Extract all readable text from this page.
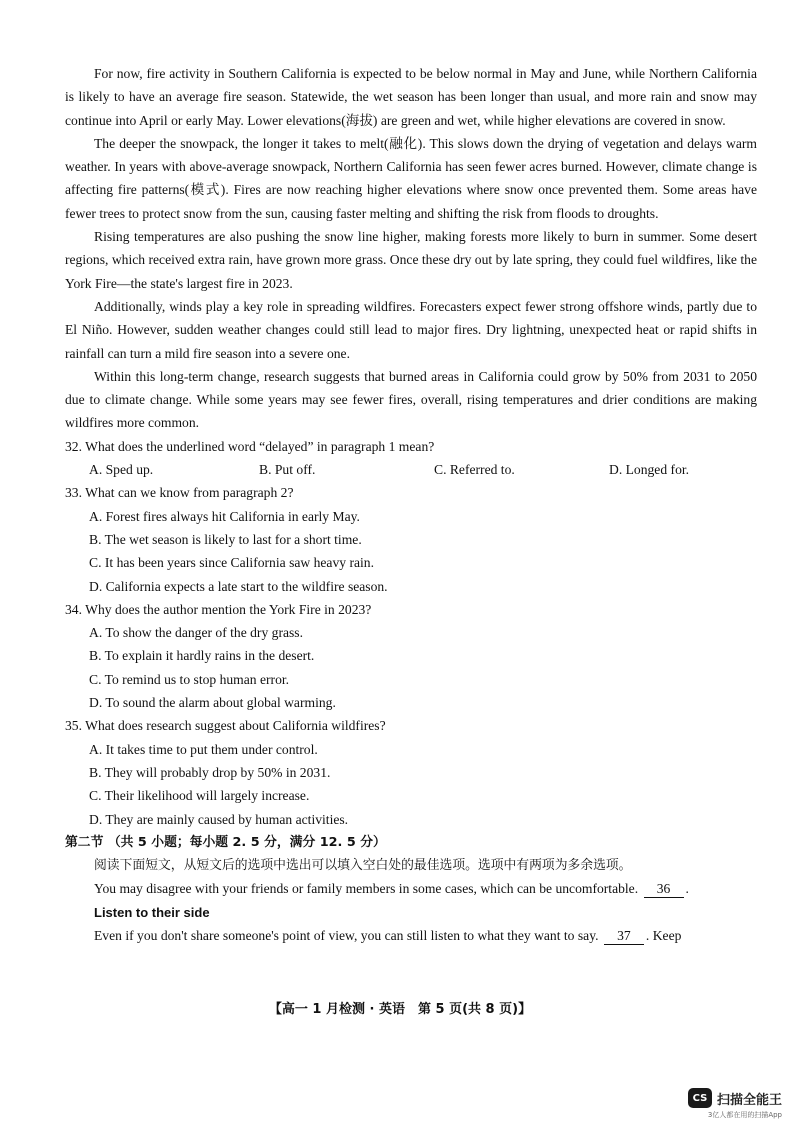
For now, fire activity in Southern California is expected to be below normal in May and June, while Northern California is likely to have an average fire season. Statewide, the wet season has been longer than usual, and more rain and snow may continue into April or early May. Lower elevations(海拔) are green and wet, while higher elevations are covered in snow.

The deeper the snowpack, the longer it takes to melt(融化). This slows down the drying of vegetation and delays warm weather. In years with above-average snowpack, Northern California has seen fewer acres burned. However, climate change is affecting fire patterns(模式). Fires are now reaching higher elevations where snow once prevented them. Some areas have fewer trees to protect snow from the sun, causing faster melting and shifting the risk from floods to droughts.

Rising temperatures are also pushing the snow line higher, making forests more likely to burn in summer. Some desert regions, which received extra rain, have grown more grass. Once these dry out by late spring, they could fuel wildfires, like the York Fire—the state's largest fire in 2023.

Additionally, winds play a key role in spreading wildfires. Forecasters expect fewer strong offshore winds, partly due to El Niño. However, sudden weather changes could still lead to major fires. Dry lightning, unexpected heat or rapid shifts in rainfall can turn a mild fire season into a severe one.

Within this long-term change, research suggests that burned areas in California could grow by 50% from 2031 to 2050 due to climate change. While some years may see fewer fires, overall, rising temperatures and drier conditions are making wildfires more common.

32. What does the underlined word “delayed” in paragraph 1 mean?

A. Sped up.	B. Put off.	C. Referred to.	D. Longed for.

33. What can we know from paragraph 2?

A. Forest fires always hit California in early May.

B. The wet season is likely to last for a short time.

C. It has been years since California saw heavy rain.

D. California expects a late start to the wildfire season.

34. Why does the author mention the York Fire in 2023?

A. To show the danger of the dry grass.

B. To explain it hardly rains in the desert.

C. To remind us to stop human error.

D. To sound the alarm about global warming.

35. What does research suggest about California wildfires?

A. It takes time to put them under control.

B. They will probably drop by 50% in 2031.

C. Their likelihood will largely increase.

D. They are mainly caused by human activities.

第二节 （共 5 小题；每小题 2. 5 分，满分 12. 5 分）

阅读下面短文，从短文后的选项中选出可以填入空白处的最佳选项。选项中有两项为多余选项。

You may disagree with your friends or family members in some cases, which can be uncomfortable. 36 .

Listen to their side

Even if you don't share someone's point of view, you can still listen to what they want to say. 37 . Keep

【高一 1 月检测 · 英语　第 5 页(共 8 页)】
CS 扫描全能王
3亿人都在用的扫描App
